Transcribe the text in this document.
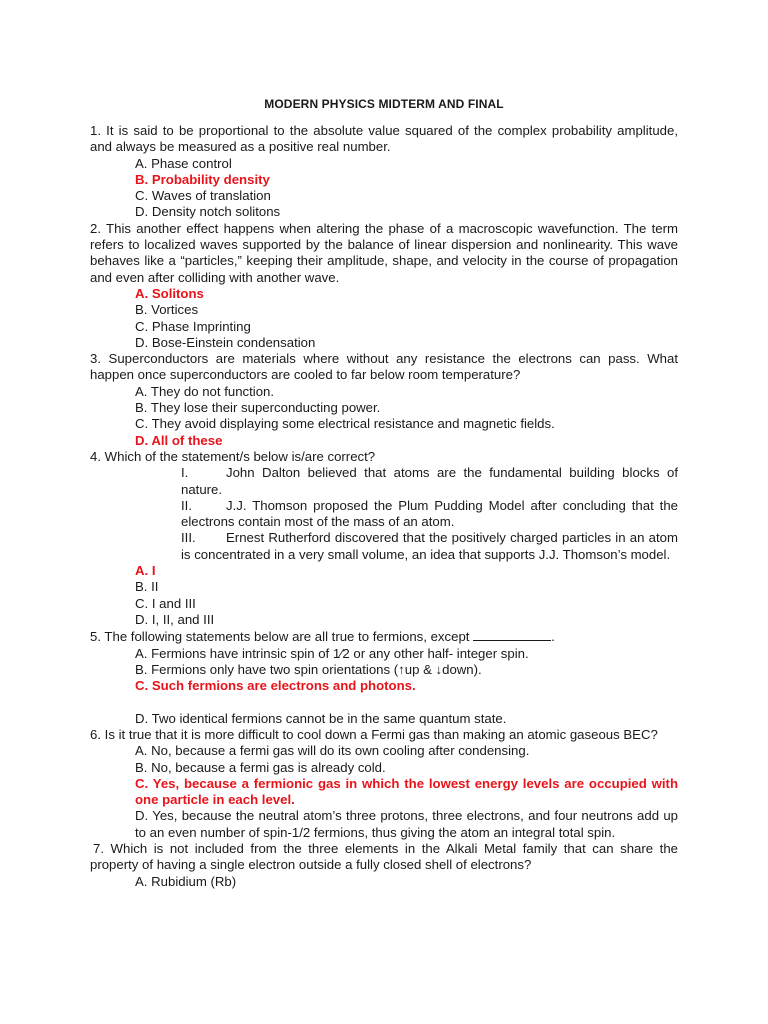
MODERN PHYSICS MIDTERM AND FINAL

1. It is said to be proportional to the absolute value squared of the complex probability amplitude, and always be measured as a positive real number.

A. Phase control

B. Probability density

C. Waves of translation

D. Density notch solitons

2. This another effect happens when altering the phase of a macroscopic wavefunction. The term refers to localized waves supported by the balance of linear dispersion and nonlinearity. This wave behaves like a “particles,” keeping their amplitude, shape, and velocity in the course of propagation and even after colliding with another wave.

A. Solitons

B. Vortices

C. Phase Imprinting

D. Bose-Einstein condensation

3. Superconductors are materials where without any resistance the electrons can pass. What happen once superconductors are cooled to far below room temperature?

A. They do not function.

B. They lose their superconducting power.

C. They avoid displaying some electrical resistance and magnetic fields.

D. All of these

4. Which of the statement/s below is/are correct?

I.	John Dalton believed that atoms are the fundamental building blocks of nature.

II.	J.J. Thomson proposed the Plum Pudding Model after concluding that the electrons contain most of the mass of an atom.

III. Ernest Rutherford discovered that the positively charged particles in an atom is concentrated in a very small volume, an idea that supports J.J. Thomson’s model.

A. I

B. II

C. I and III

D. I, II, and III

5. The following statements below are all true to fermions, except	.

A. Fermions have intrinsic spin of 1⁄2 or any other half- integer spin.

B. Fermions only have two spin orientations (↑up & ↓down).

C. Such fermions are electrons and photons.

D. Two identical fermions cannot be in the same quantum state.

6. Is it true that it is more difficult to cool down a Fermi gas than making an atomic gaseous BEC?

A. No, because a fermi gas will do its own cooling after condensing.

B. No, because a fermi gas is already cold.

C. Yes, because a fermionic gas in which the lowest energy levels are occupied with one particle in each level.

D. Yes, because the neutral atom’s three protons, three electrons, and four neutrons add up to an even number of spin-1/2 fermions, thus giving the atom an integral total spin.

7. Which is not included from the three elements in the Alkali Metal family that can share the property of having a single electron outside a fully closed shell of electrons?

A. Rubidium (Rb)
